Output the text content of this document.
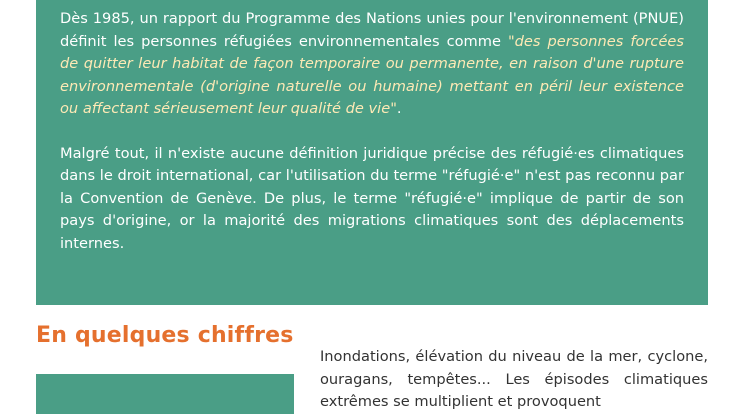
Dès 1985, un rapport du Programme des Nations unies pour l'environnement (PNUE) définit les personnes réfugiées environnementales comme "des personnes forcées de quitter leur habitat de façon temporaire ou permanente, en raison d'une rupture environnementale (d'origine naturelle ou humaine) mettant en péril leur existence ou affectant sérieusement leur qualité de vie".

Malgré tout, il n'existe aucune définition juridique précise des réfugié·es climatiques dans le droit international, car l'utilisation du terme "réfugié·e" n'est pas reconnu par la Convention de Genève. De plus, le terme "réfugié·e" implique de partir de son pays d'origine, or la majorité des migrations climatiques sont des déplacements internes.

En quelques chiffres

Inondations, élévation du niveau de la mer, cyclone, ouragans, tempêtes... Les épisodes climatiques extrêmes se multiplient et provoquent
